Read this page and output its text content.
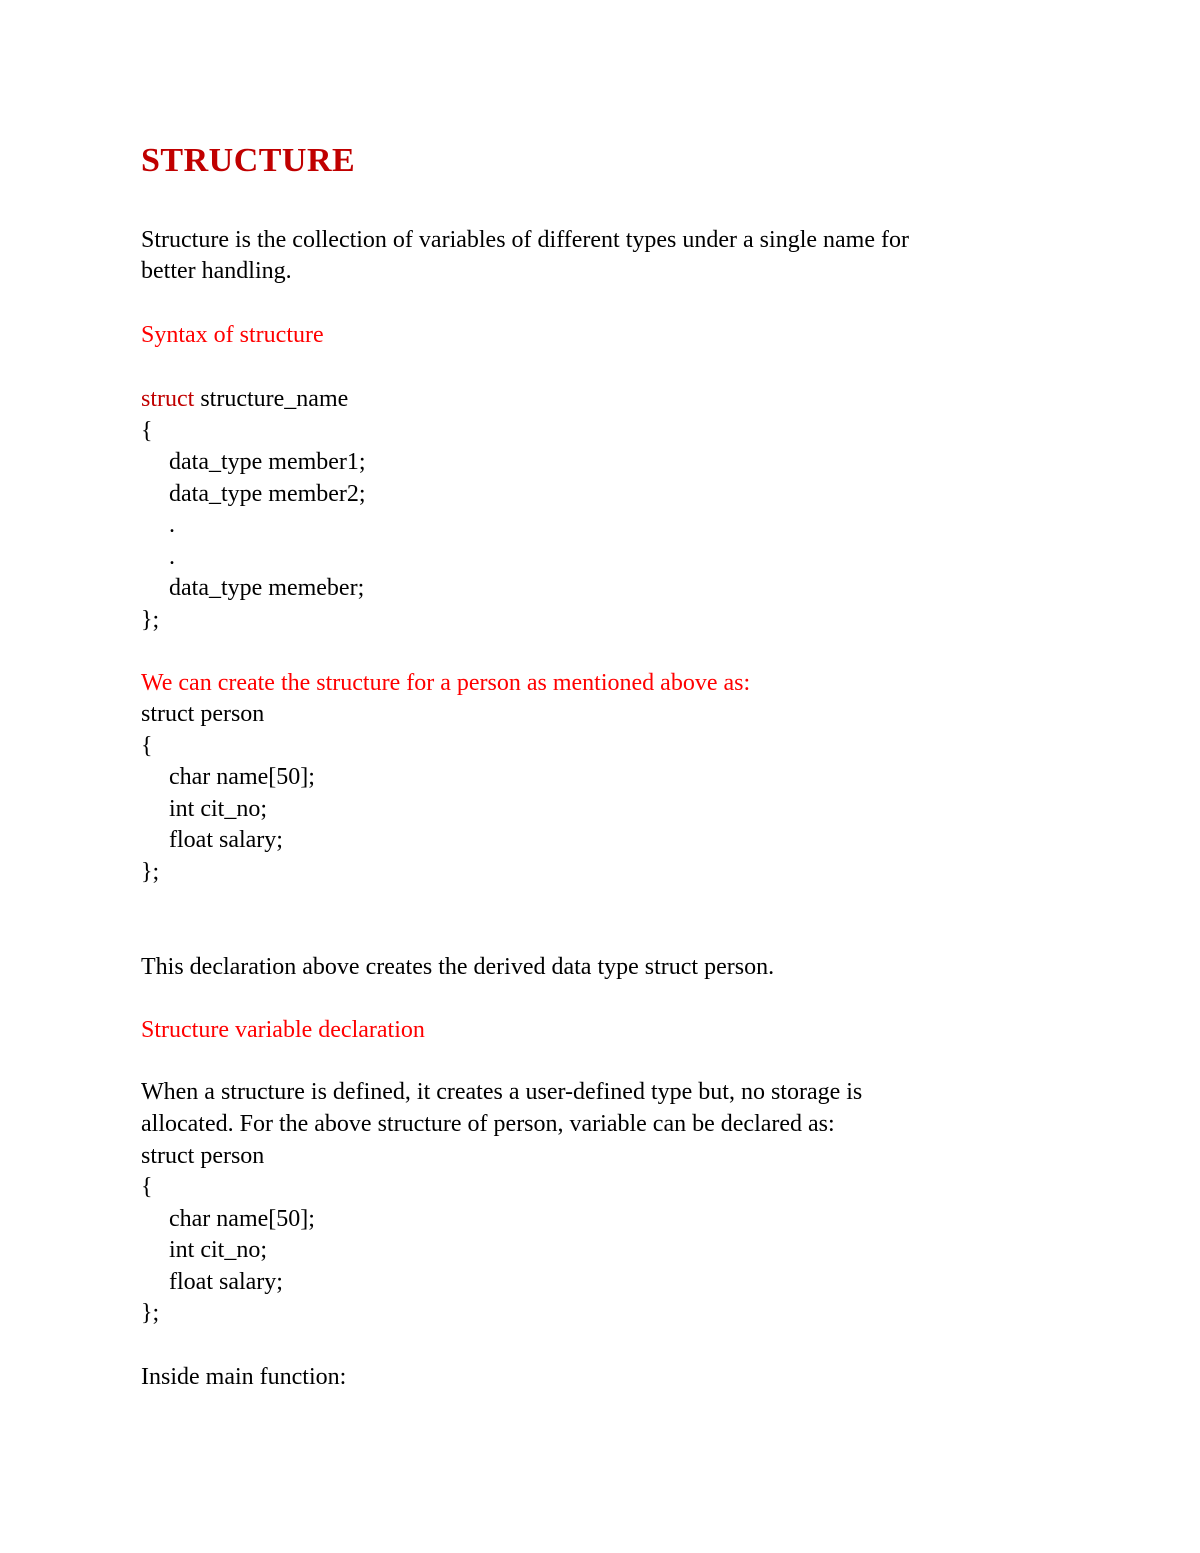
STRUCTURE

Structure is the collection of variables of different types under a single name for

better handling.

Syntax of structure

struct structure_name

{

data_type member1;

data_type member2;

.

.

data_type memeber;

};

We can create the structure for a person as mentioned above as:

struct person

{

char name[50];

int cit_no;

float salary;

};

This declaration above creates the derived data type struct person.

Structure variable declaration

When a structure is defined, it creates a user-defined type but, no storage is

allocated. For the above structure of person, variable can be declared as:

struct person

{

char name[50];

int cit_no;

float salary;

};

Inside main function:
